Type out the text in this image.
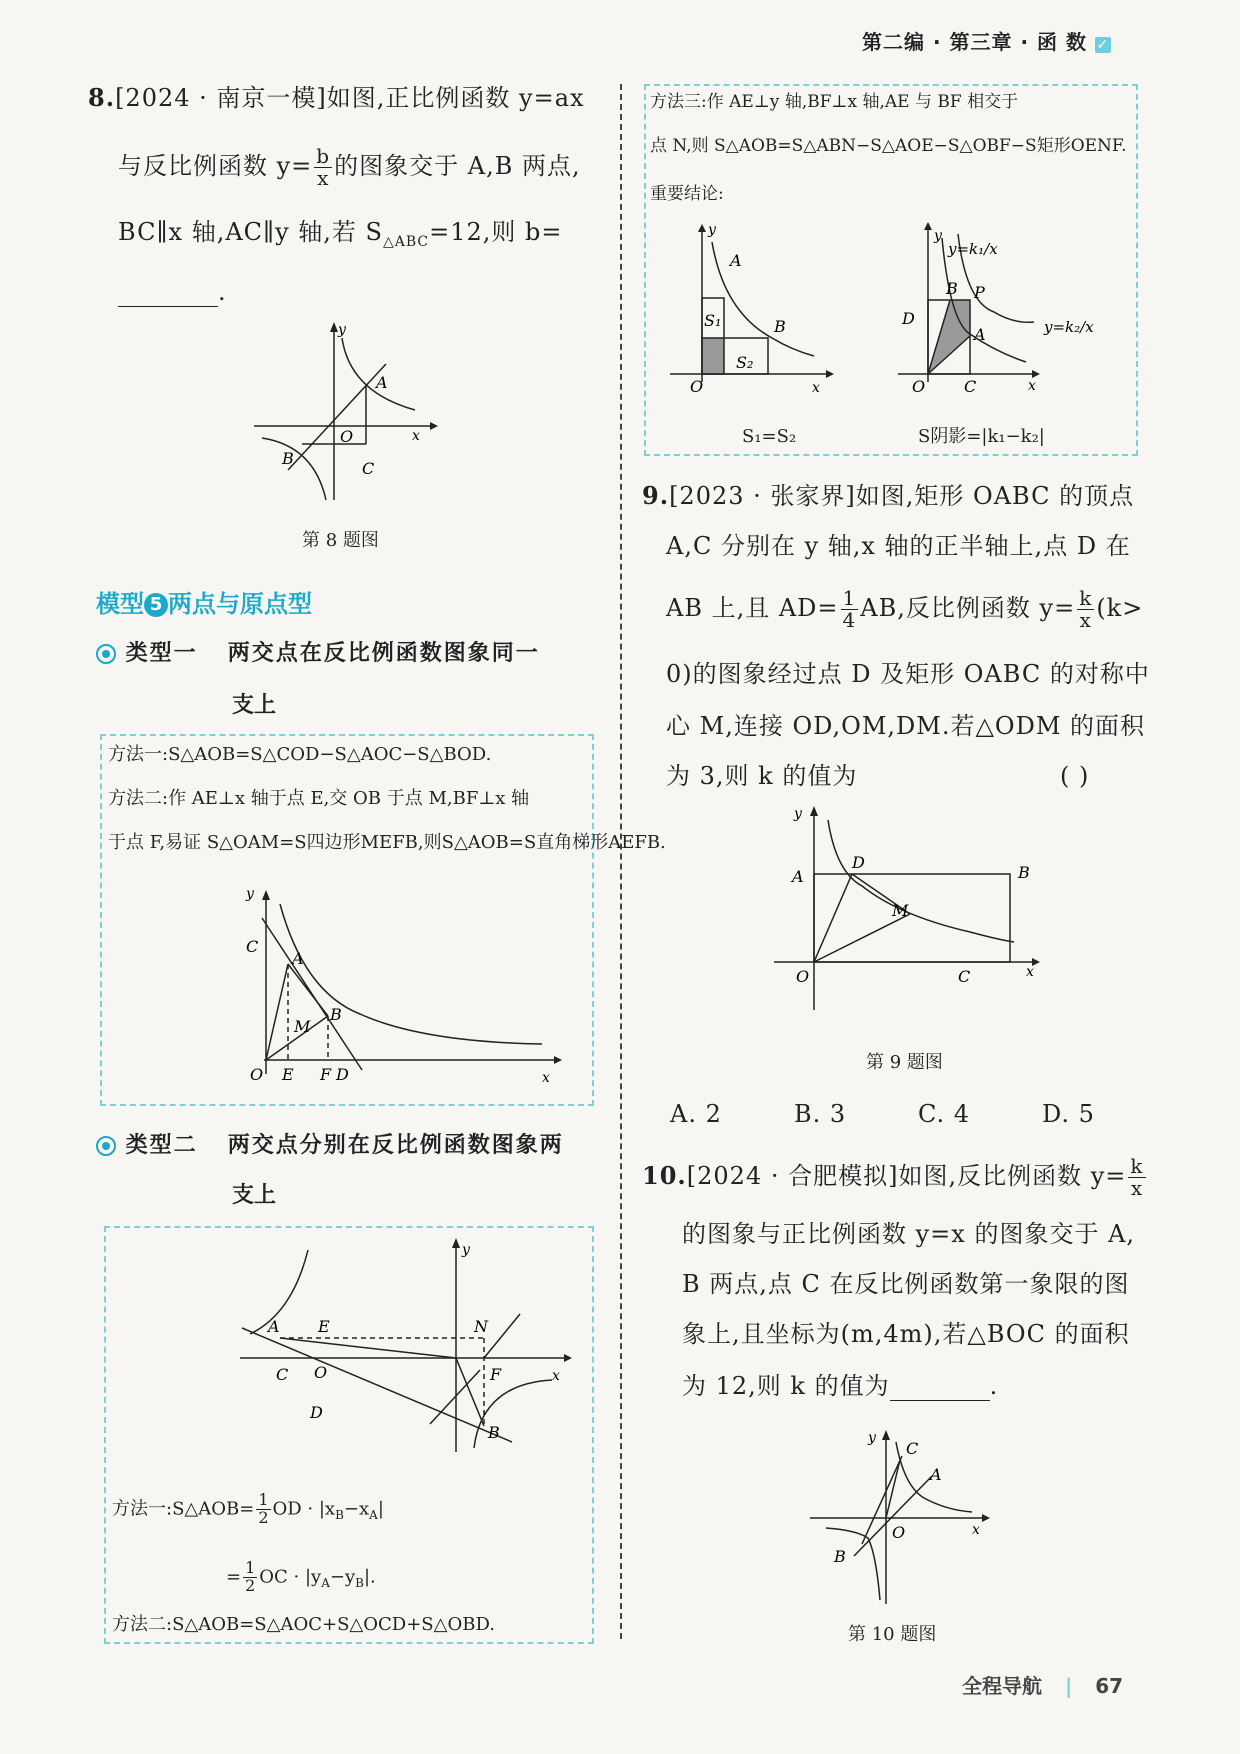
第二编 · 第三章 · 函 数 ✓
8.[2024 · 南京一模]如图,正比例函数 y=ax
与反比例函数 $y= \frac{b}{x}$ 的图象交于 A,B 两点,
BC∥x 轴,AC∥y 轴,若 $S_{\triangle ABC}=12$,则 b=
.
y
A
O	x
B
C
第 8 题图
模型 5 两点与原点型
类型一 两交点在反比例函数图象同一
支上
方法一:S△AOB=S△COD−S△AOC−S△BOD.
方法二:作 AE⊥x 轴于点 E,交 OB 于点 M,BF⊥x 轴
于点 F,易证 S△OAM=S四边形MEFB,则S△AOB=S直角梯形AEFB.
y
C
A
M
B
O E F D	x
类型二 两交点分别在反比例函数图象两
支上
y
A E	N
C O	F
D
B
x
方法一:S△AOB= $\frac{1}{2}$ OD · $|x_B-x_A|$
= $\frac{1}{2}$ OC · $|y_A-y_B|$.
方法二:S△AOB=S△AOC+S△OCD+S△OBD.
方法三:作 AE⊥y 轴,BF⊥x 轴,AE 与 BF 相交于
点 N,则 S△AOB=S△ABN−S△AOE−S△OBF−S矩形OENF.
重要结论:
y
A
B
S₁
S₂
O	x
y
y=k₁/x
y=k₂/x
D
B P
A
O C	x
S₁=S₂	S阴影=|k₁−k₂|
9.[2023 · 张家界]如图,矩形 OABC 的顶点
A,C 分别在 y 轴,x 轴的正半轴上,点 D 在
AB 上,且 $AD= \frac{1}{4}$ AB,反比例函数 $y= \frac{k}{x} (k>$
0)的图象经过点 D 及矩形 OABC 的对称中
心 M,连接 OD,OM,DM.若△ODM 的面积
为 3,则 k 的值为	( )
y
A
D
B
M
O	C	x
第 9 题图
A. 2	B. 3	C. 4	D. 5
10.[2024 · 合肥模拟]如图,反比例函数 $y= \frac{k}{x}$
的图象与正比例函数 y=x 的图象交于 A,
B 两点,点 C 在反比例函数第一象限的图
象上,且坐标为(m,4m),若△BOC 的面积
为 12,则 k 的值为	.
y
C
A
O	x
B
第 10 题图
全程导航 | 67
